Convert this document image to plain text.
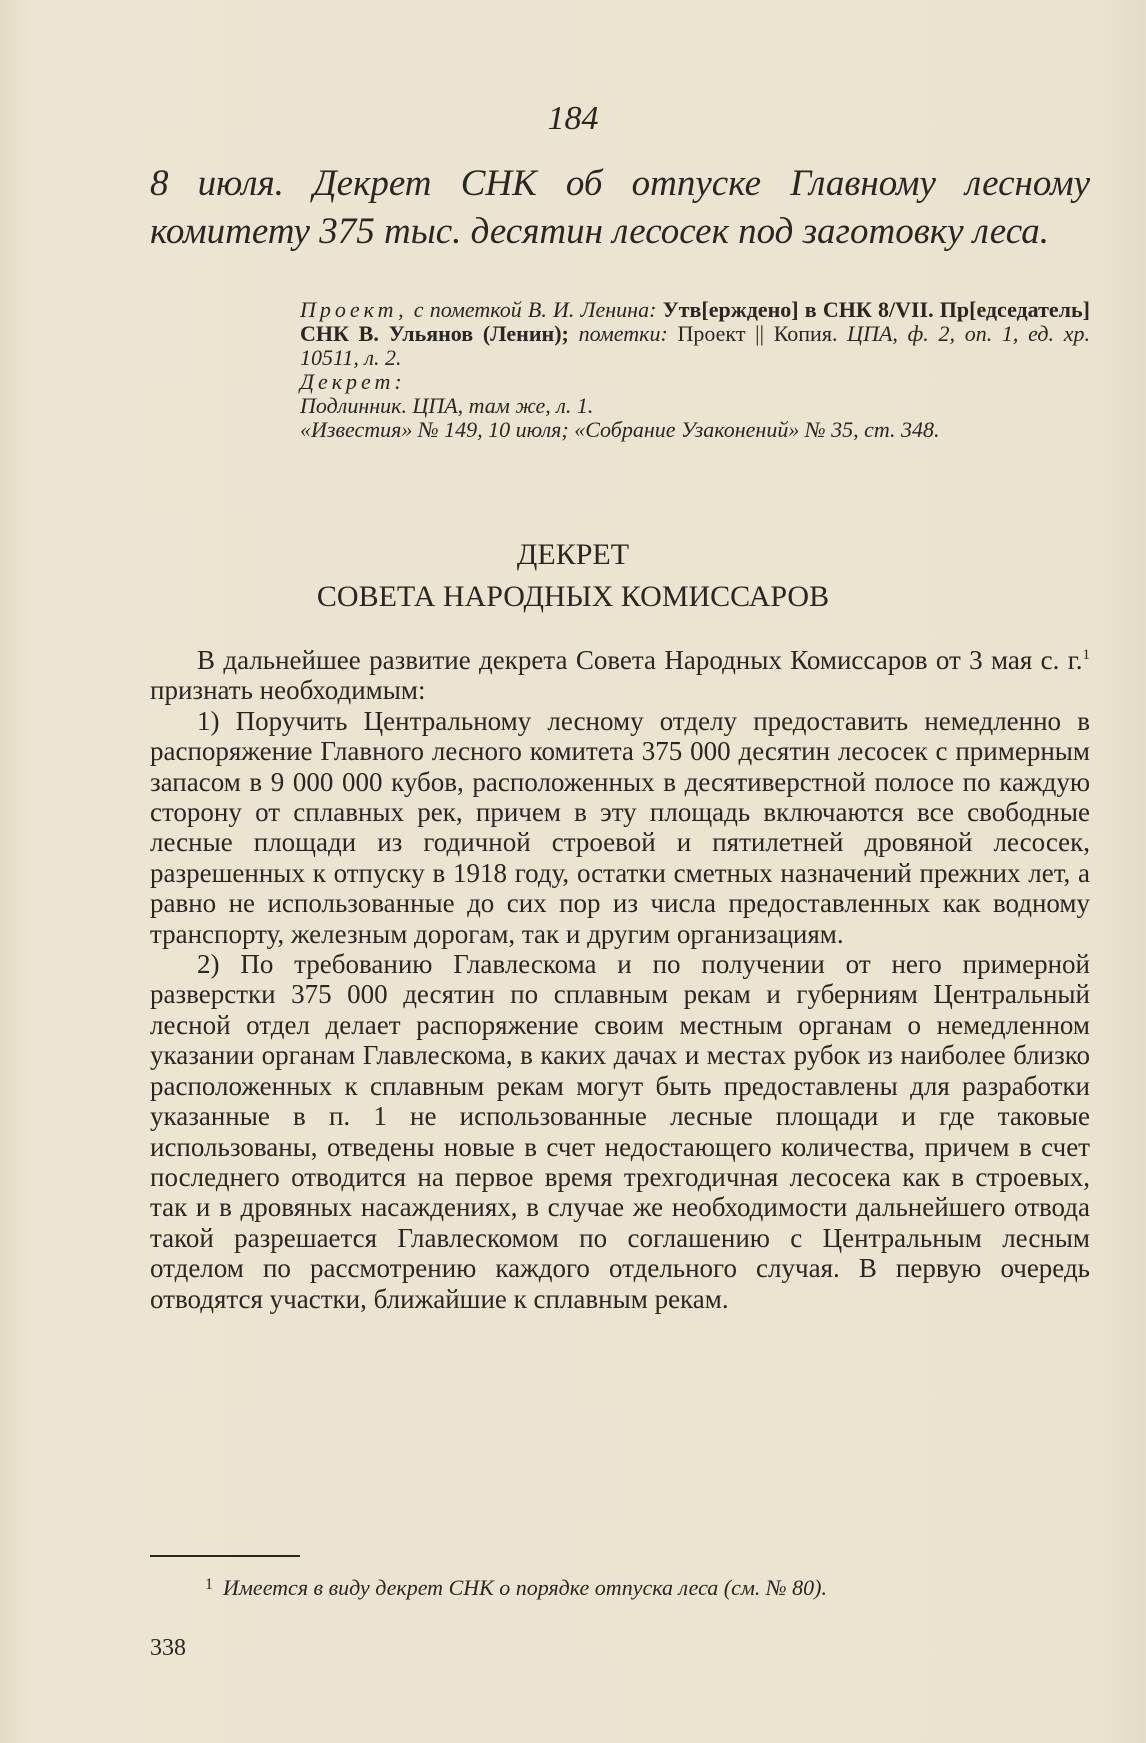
184
8 июля. Декрет СНК об отпуске Главному лесному комитету 375 тыс. десятин лесосек под заготовку леса.

Проект, с пометкой В. И. Ленина: Утв[ерждено] в СНК 8/VII. Пр[едседатель] СНК В. Ульянов (Ленин); пометки: Проект || Копия. ЦПА, ф. 2, оп. 1, ед. хр. 10511, л. 2.

Декрет:

Подлинник. ЦПА, там же, л. 1.

«Известия» № 149, 10 июля; «Собрание Узаконений» № 35, ст. 348.

ДЕКРЕТ
СОВЕТА НАРОДНЫХ КОМИССАРОВ

В дальнейшее развитие декрета Совета Народных Комиссаров от 3 мая с. г.$^1$ признать необходимым:

1) Поручить Центральному лесному отделу предоставить немедленно в распоряжение Главного лесного комитета 375 000 десятин лесосек с примерным запасом в 9 000 000 кубов, расположенных в десятиверстной полосе по каждую сторону от сплавных рек, причем в эту площадь включаются все свободные лесные площади из годичной строевой и пятилетней дровяной лесосек, разрешенных к отпуску в 1918 году, остатки сметных назначений прежних лет, а равно не использованные до сих пор из числа предоставленных как водному транспорту, железным дорогам, так и другим организациям.

2) По требованию Главлескома и по получении от него примерной разверстки 375 000 десятин по сплавным рекам и губерниям Центральный лесной отдел делает распоряжение своим местным органам о немедленном указании органам Главлескома, в каких дачах и местах рубок из наиболее близко расположенных к сплавным рекам могут быть предоставлены для разработки указанные в п. 1 не использованные лесные площади и где таковые использованы, отведены новые в счет недостающего количества, причем в счет последнего отводится на первое время трехгодичная лесосека как в строевых, так и в дровяных насаждениях, в случае же необходимости дальнейшего отвода такой разрешается Главлескомом по соглашению с Центральным лесным отделом по рассмотрению каждого отдельного случая. В первую очередь отводятся участки, ближайшие к сплавным рекам.

$^1$ Имеется в виду декрет СНК о порядке отпуска леса (см. № 80).
338
